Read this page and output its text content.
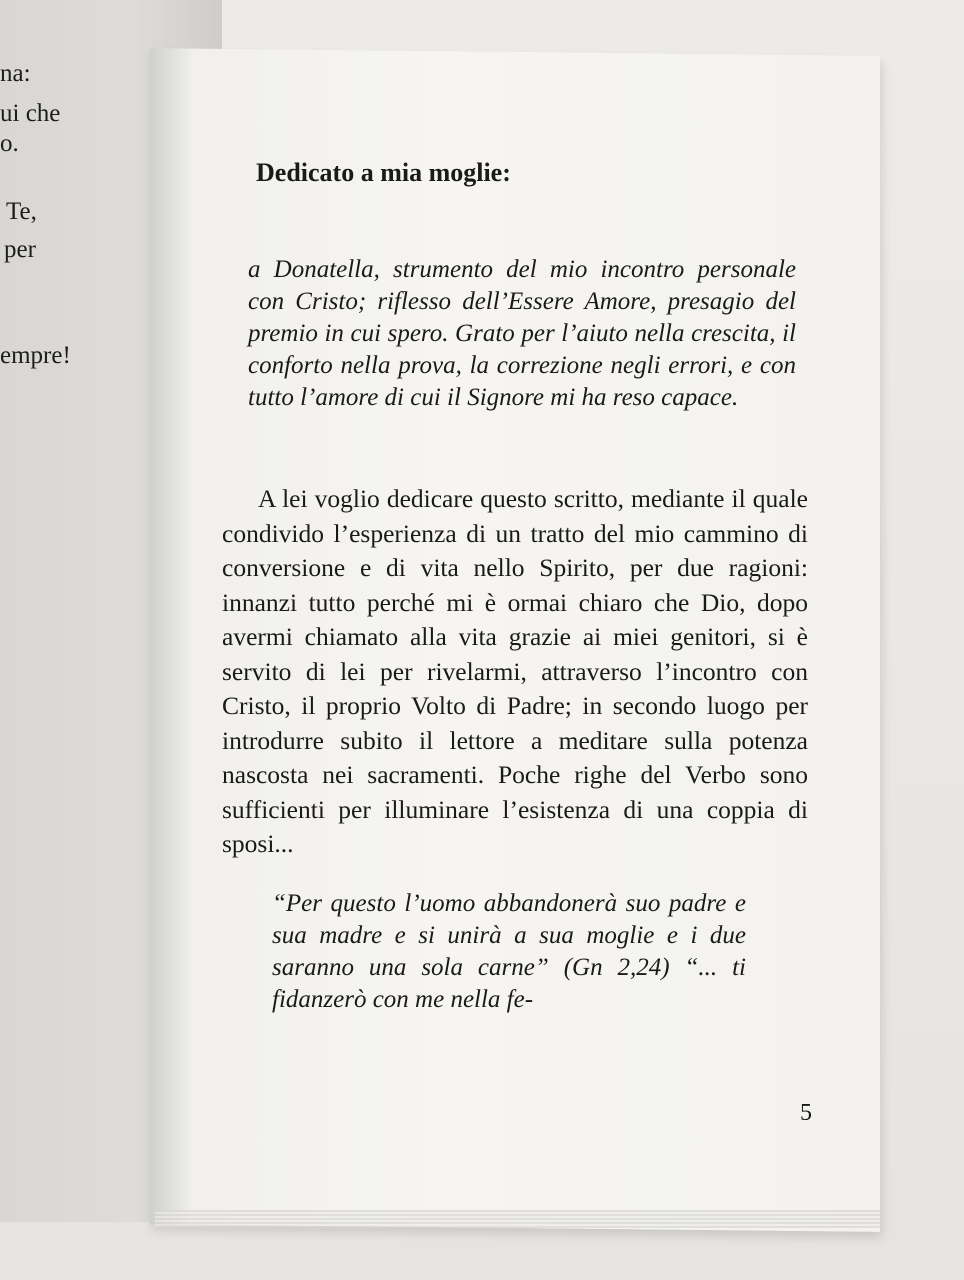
na:
ui che
o.
Te,
per
empre!
Dedicato a mia moglie:
a Donatella, strumento del mio incontro personale con Cristo; riflesso dell’Essere Amore, presagio del premio in cui spero. Grato per l’aiuto nella crescita, il conforto nella prova, la correzione negli errori, e con tutto l’amore di cui il Signore mi ha reso capace.
A lei voglio dedicare questo scritto, mediante il quale condivido l’esperienza di un tratto del mio cammino di conversione e di vita nello Spirito, per due ragioni: innanzi tutto perché mi è ormai chiaro che Dio, dopo avermi chiamato alla vita grazie ai miei genitori, si è servito di lei per rivelarmi, attraverso l’incontro con Cristo, il proprio Volto di Padre; in secondo luogo per introdurre subito il lettore a meditare sulla potenza nascosta nei sacramenti. Poche righe del Verbo sono sufficienti per illuminare l’esistenza di una coppia di sposi...
“Per questo l’uomo abbandonerà suo padre e sua madre e si unirà a sua moglie e i due saranno una sola carne” (Gn 2,24) “... ti fidanzerò con me nella fe-
5
